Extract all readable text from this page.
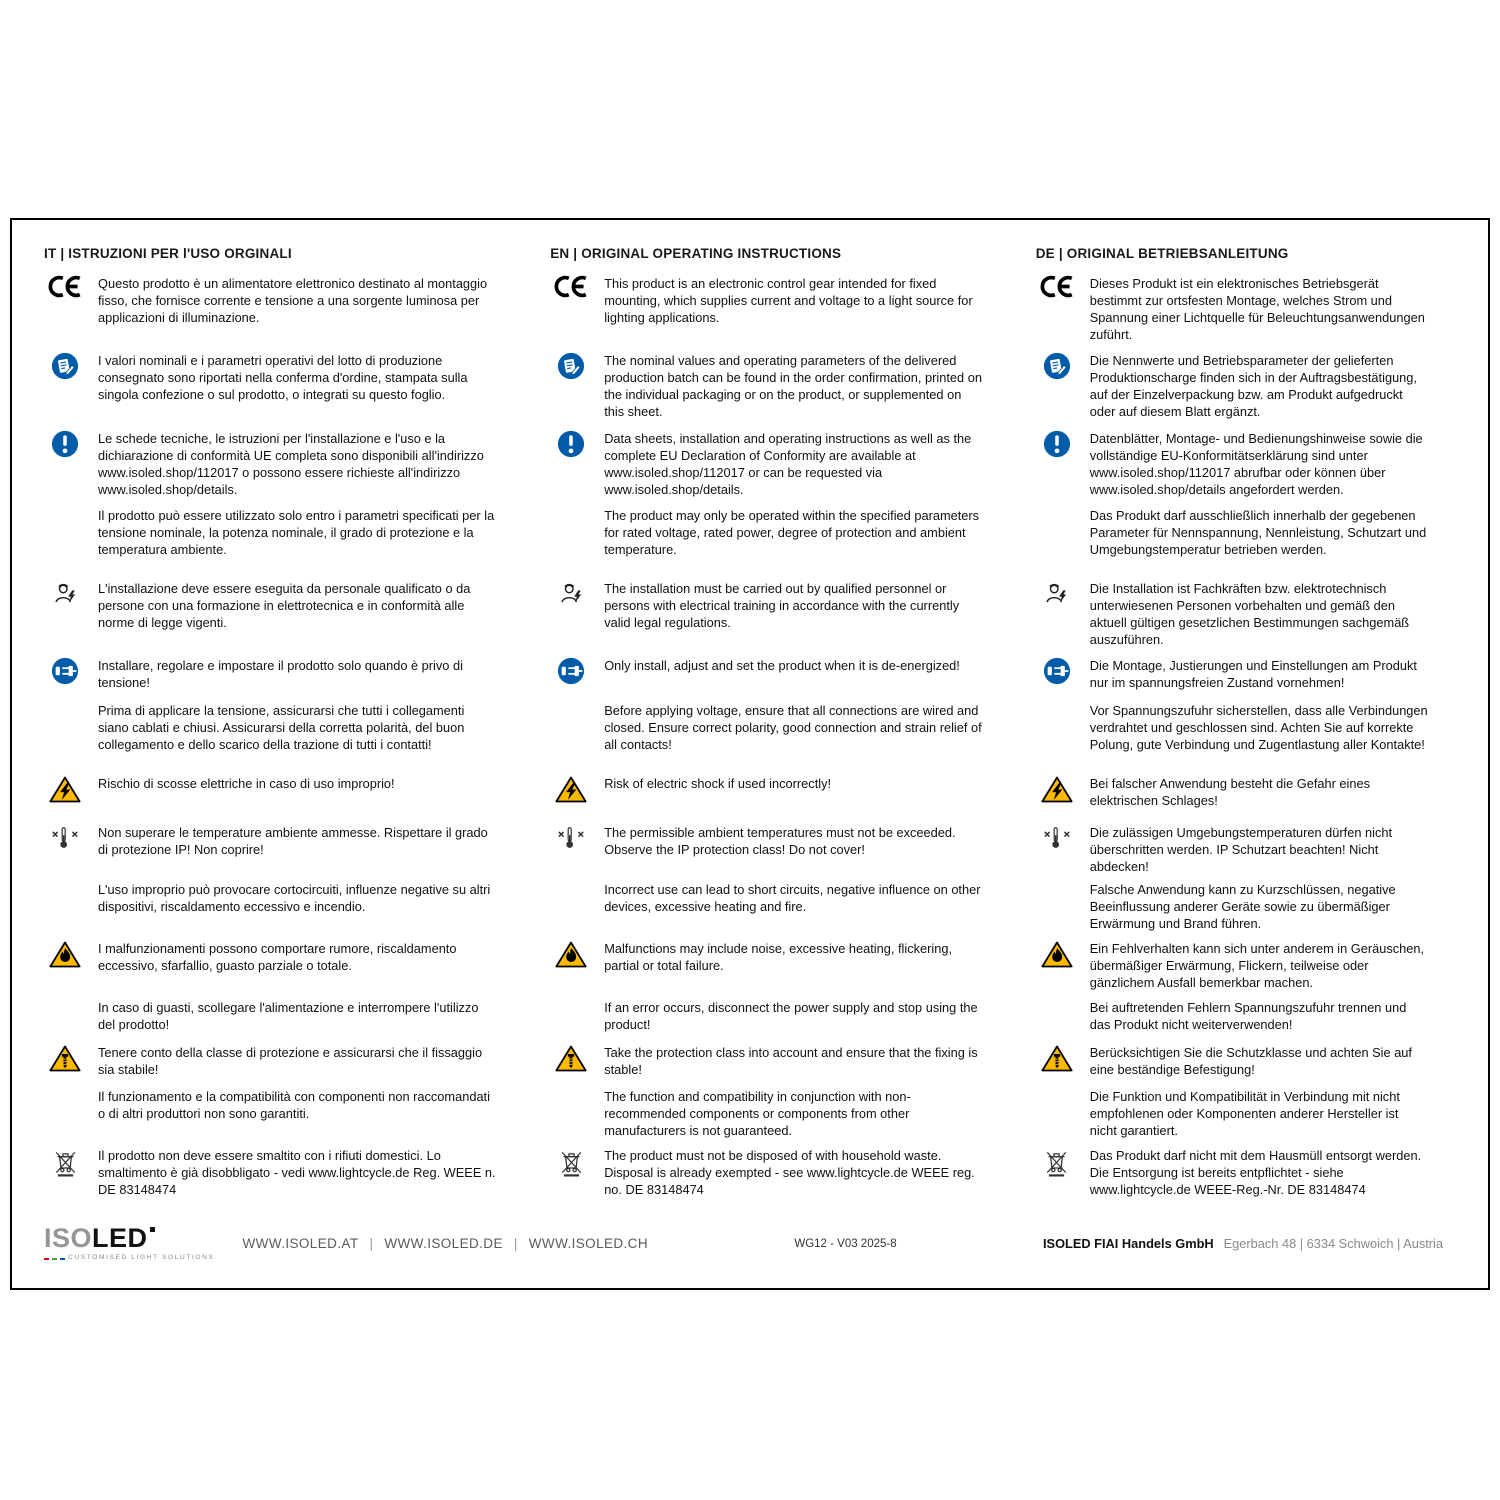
IT | ISTRUZIONI PER l'USO ORGINALI
Questo prodotto è un alimentatore elettronico destinato al montaggio fisso, che fornisce corrente e tensione a una sorgente luminosa per applicazioni di illuminazione.
I valori nominali e i parametri operativi del lotto di produzione consegnato sono riportati nella conferma d'ordine, stampata sulla singola confezione o sul prodotto, o integrati su questo foglio.
Le schede tecniche, le istruzioni per l'installazione e l'uso e la dichiarazione di conformità UE completa sono disponibili all'indirizzo www.isoled.shop/112017 o possono essere richieste all'indirizzo www.isoled.shop/details.
Il prodotto può essere utilizzato solo entro i parametri specificati per la tensione nominale, la potenza nominale, il grado di protezione e la temperatura ambiente.
L'installazione deve essere eseguita da personale qualificato o da persone con una formazione in elettrotecnica e in conformità alle norme di legge vigenti.
Installare, regolare e impostare il prodotto solo quando è privo di tensione!
Prima di applicare la tensione, assicurarsi che tutti i collegamenti siano cablati e chiusi. Assicurarsi della corretta polarità, del buon collegamento e dello scarico della trazione di tutti i contatti!
Rischio di scosse elettriche in caso di uso improprio!
Non superare le temperature ambiente ammesse. Rispettare il grado di protezione IP! Non coprire!
L'uso improprio può provocare cortocircuiti, influenze negative su altri dispositivi, riscaldamento eccessivo e incendio.
I malfunzionamenti possono comportare rumore, riscaldamento eccessivo, sfarfallio, guasto parziale o totale.
In caso di guasti, scollegare l'alimentazione e interrompere l'utilizzo del prodotto!
Tenere conto della classe di protezione e assicurarsi che il fissaggio sia stabile!
Il funzionamento e la compatibilità con componenti non raccomandati o di altri produttori non sono garantiti.
Il prodotto non deve essere smaltito con i rifiuti domestici. Lo smaltimento è già disobbligato - vedi www.lightcycle.de Reg. WEEE n. DE 83148474
EN | ORIGINAL OPERATING INSTRUCTIONS
This product is an electronic control gear intended for fixed mounting, which supplies current and voltage to a light source for lighting applications.
The nominal values and operating parameters of the delivered production batch can be found in the order confirmation, printed on the individual packaging or on the product, or supplemented on this sheet.
Data sheets, installation and operating instructions as well as the complete EU Declaration of Conformity are available at www.isoled.shop/112017 or can be requested via www.isoled.shop/details.
The product may only be operated within the specified parameters for rated voltage, rated power, degree of protection and ambient temperature.
The installation must be carried out by qualified personnel or persons with electrical training in accordance with the currently valid legal regulations.
Only install, adjust and set the product when it is de-energized!
Before applying voltage, ensure that all connections are wired and closed. Ensure correct polarity, good connection and strain relief of all contacts!
Risk of electric shock if used incorrectly!
The permissible ambient temperatures must not be exceeded. Observe the IP protection class! Do not cover!
Incorrect use can lead to short circuits, negative influence on other devices, excessive heating and fire.
Malfunctions may include noise, excessive heating, flickering, partial or total failure.
If an error occurs, disconnect the power supply and stop using the product!
Take the protection class into account and ensure that the fixing is stable!
The function and compatibility in conjunction with non-recommended components or components from other manufacturers is not guaranteed.
The product must not be disposed of with household waste. Disposal is already exempted - see www.lightcycle.de WEEE reg. no. DE 83148474
DE | ORIGINAL BETRIEBSANLEITUNG
Dieses Produkt ist ein elektronisches Betriebsgerät bestimmt zur ortsfesten Montage, welches Strom und Spannung einer Lichtquelle für Beleuchtungsanwendungen zuführt.
Die Nennwerte und Betriebsparameter der gelieferten Produktionscharge finden sich in der Auftragsbestätigung, auf der Einzelverpackung bzw. am Produkt aufgedruckt oder auf diesem Blatt ergänzt.
Datenblätter, Montage- und Bedienungshinweise sowie die vollständige EU-Konformitätserklärung sind unter www.isoled.shop/112017 abrufbar oder können über www.isoled.shop/details angefordert werden.
Das Produkt darf ausschließlich innerhalb der gegebenen Parameter für Nennspannung, Nennleistung, Schutzart und Umgebungstemperatur betrieben werden.
Die Installation ist Fachkräften bzw. elektrotechnisch unterwiesenen Personen vorbehalten und gemäß den aktuell gültigen gesetzlichen Bestimmungen sachgemäß auszuführen.
Die Montage, Justierungen und Einstellungen am Produkt nur im spannungsfreien Zustand vornehmen!
Vor Spannungszufuhr sicherstellen, dass alle Verbindungen verdrahtet und geschlossen sind. Achten Sie auf korrekte Polung, gute Verbindung und Zugentlastung aller Kontakte!
Bei falscher Anwendung besteht die Gefahr eines elektrischen Schlages!
Die zulässigen Umgebungstemperaturen dürfen nicht überschritten werden. IP Schutzart beachten! Nicht abdecken!
Falsche Anwendung kann zu Kurzschlüssen, negative Beeinflussung anderer Geräte sowie zu übermäßiger Erwärmung und Brand führen.
Ein Fehlverhalten kann sich unter anderem in Geräuschen, übermäßiger Erwärmung, Flickern, teilweise oder gänzlichem Ausfall bemerkbar machen.
Bei auftretenden Fehlern Spannungszufuhr trennen und das Produkt nicht weiterverwenden!
Berücksichtigen Sie die Schutzklasse und achten Sie auf eine beständige Befestigung!
Die Funktion und Kompatibilität in Verbindung mit nicht empfohlenen oder Komponenten anderer Hersteller ist nicht garantiert.
Das Produkt darf nicht mit dem Hausmüll entsorgt werden. Die Entsorgung ist bereits entpflichtet - siehe www.lightcycle.de WEEE-Reg.-Nr. DE 83148474
ISO LED
CUSTOMISED LIGHT SOLUTIONS
WWW.ISOLED.AT | WWW.ISOLED.DE | WWW.ISOLED.CH	WG12 - V03 2025-8	ISOLED FIAI Handels GmbH Egerbach 48 | 6334 Schwoich | Austria
